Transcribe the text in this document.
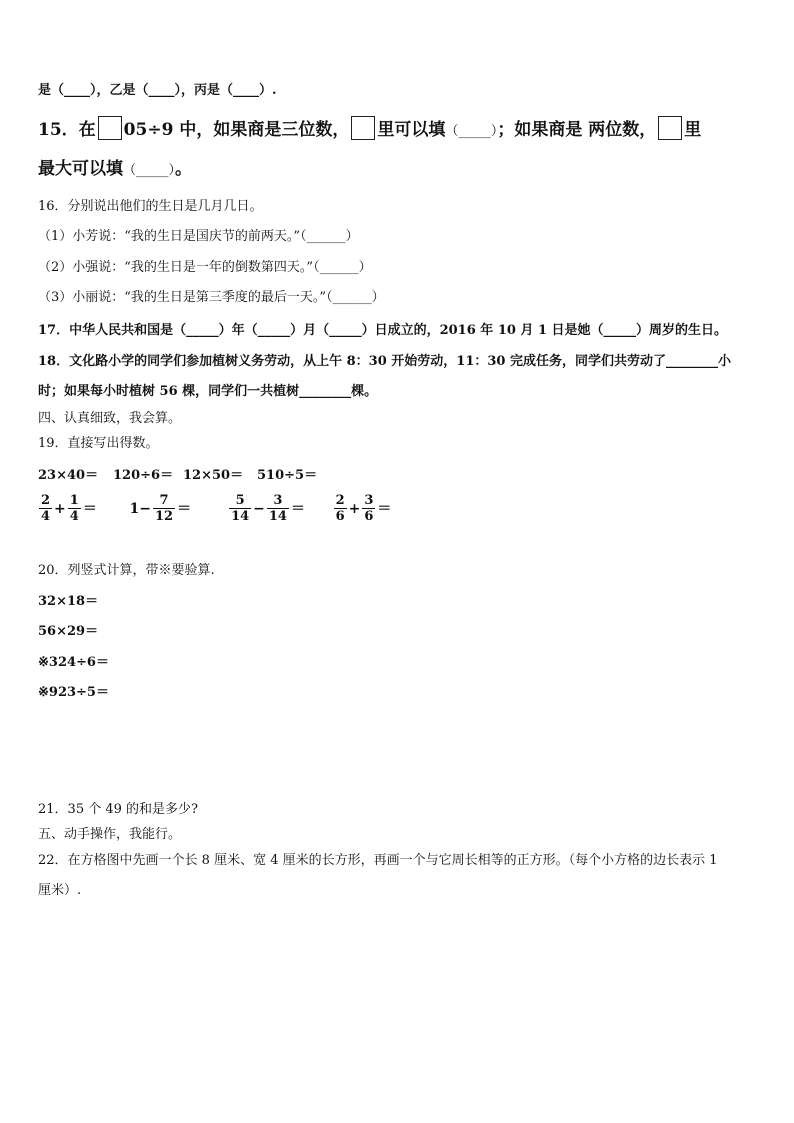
是（____），乙是（____），丙是（____）.
15．在 05÷9 中，如果商是三位数， 里可以填（_____）；如果商是 两位数， 里
最大可以填（_____）。
16．分别说出他们的生日是几月几日。
（1）小芳说：“我的生日是国庆节的前两天。”（______）
（2）小强说：“我的生日是一年的倒数第四天。”（______）
（3）小丽说：“我的生日是第三季度的最后一天。”（______）
17．中华人民共和国是（_____）年（_____）月（_____）日成立的，2016 年 10 月 1 日是她（_____）周岁的生日。
18．文化路小学的同学们参加植树义务劳动，从上午 8：30 开始劳动，11：30 完成任务，同学们共劳动了________小
时；如果每小时植树 56 棵，同学们一共植树________棵。
四、认真细致，我会算。
19．直接写出得数。
23×40＝ 120÷6＝ 12×50＝ 510÷5＝
$\frac{2}{4} + \frac{1}{4} = 1- \frac{7}{12}$ ＝	$\frac{5}{14} - \frac{3}{14} = \frac{2}{6} + \frac{3}{6}$ ＝
20．列竖式计算，带※要验算.
32×18＝
56×29＝
※324÷6＝
※923÷5＝
21．35 个 49 的和是多少?
五、动手操作，我能行。
22．在方格图中先画一个长 8 厘米、宽 4 厘米的长方形，再画一个与它周长相等的正方形。（每个小方格的边长表示 1
厘米）.
